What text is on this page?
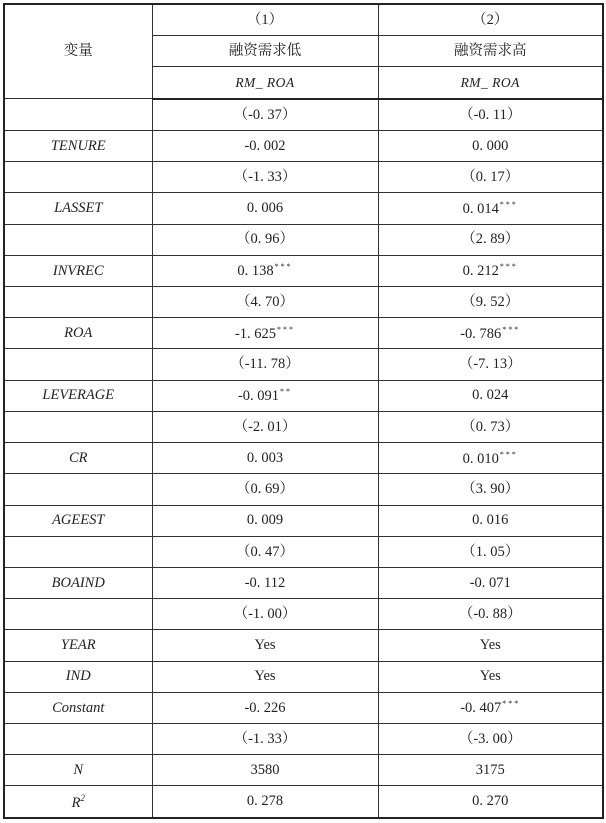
变量	（1）	（2）
	融资需求低	融资需求高
	RM_ ROA	RM_ ROA
	（-0. 37）	（-0. 11）
TENURE	-0. 002	0. 000
	（-1. 33）	（0. 17）
LASSET	0. 006	0. 014***
	（0. 96）	（2. 89）
INVREC	0. 138***	0. 212***
	（4. 70）	（9. 52）
ROA	-1. 625***	-0. 786***
	（-11. 78）	（-7. 13）
LEVERAGE	-0. 091**	0. 024
	（-2. 01）	（0. 73）
CR	0. 003	0. 010***
	（0. 69）	（3. 90）
AGEEST	0. 009	0. 016
	（0. 47）	（1. 05）
BOAIND	-0. 112	-0. 071
	（-1. 00）	（-0. 88）
YEAR	Yes	Yes
IND	Yes	Yes
Constant	-0. 226	-0. 407***
	（-1. 33）	（-3. 00）
N	3580	3175
$R^2$	0. 278	0. 270
